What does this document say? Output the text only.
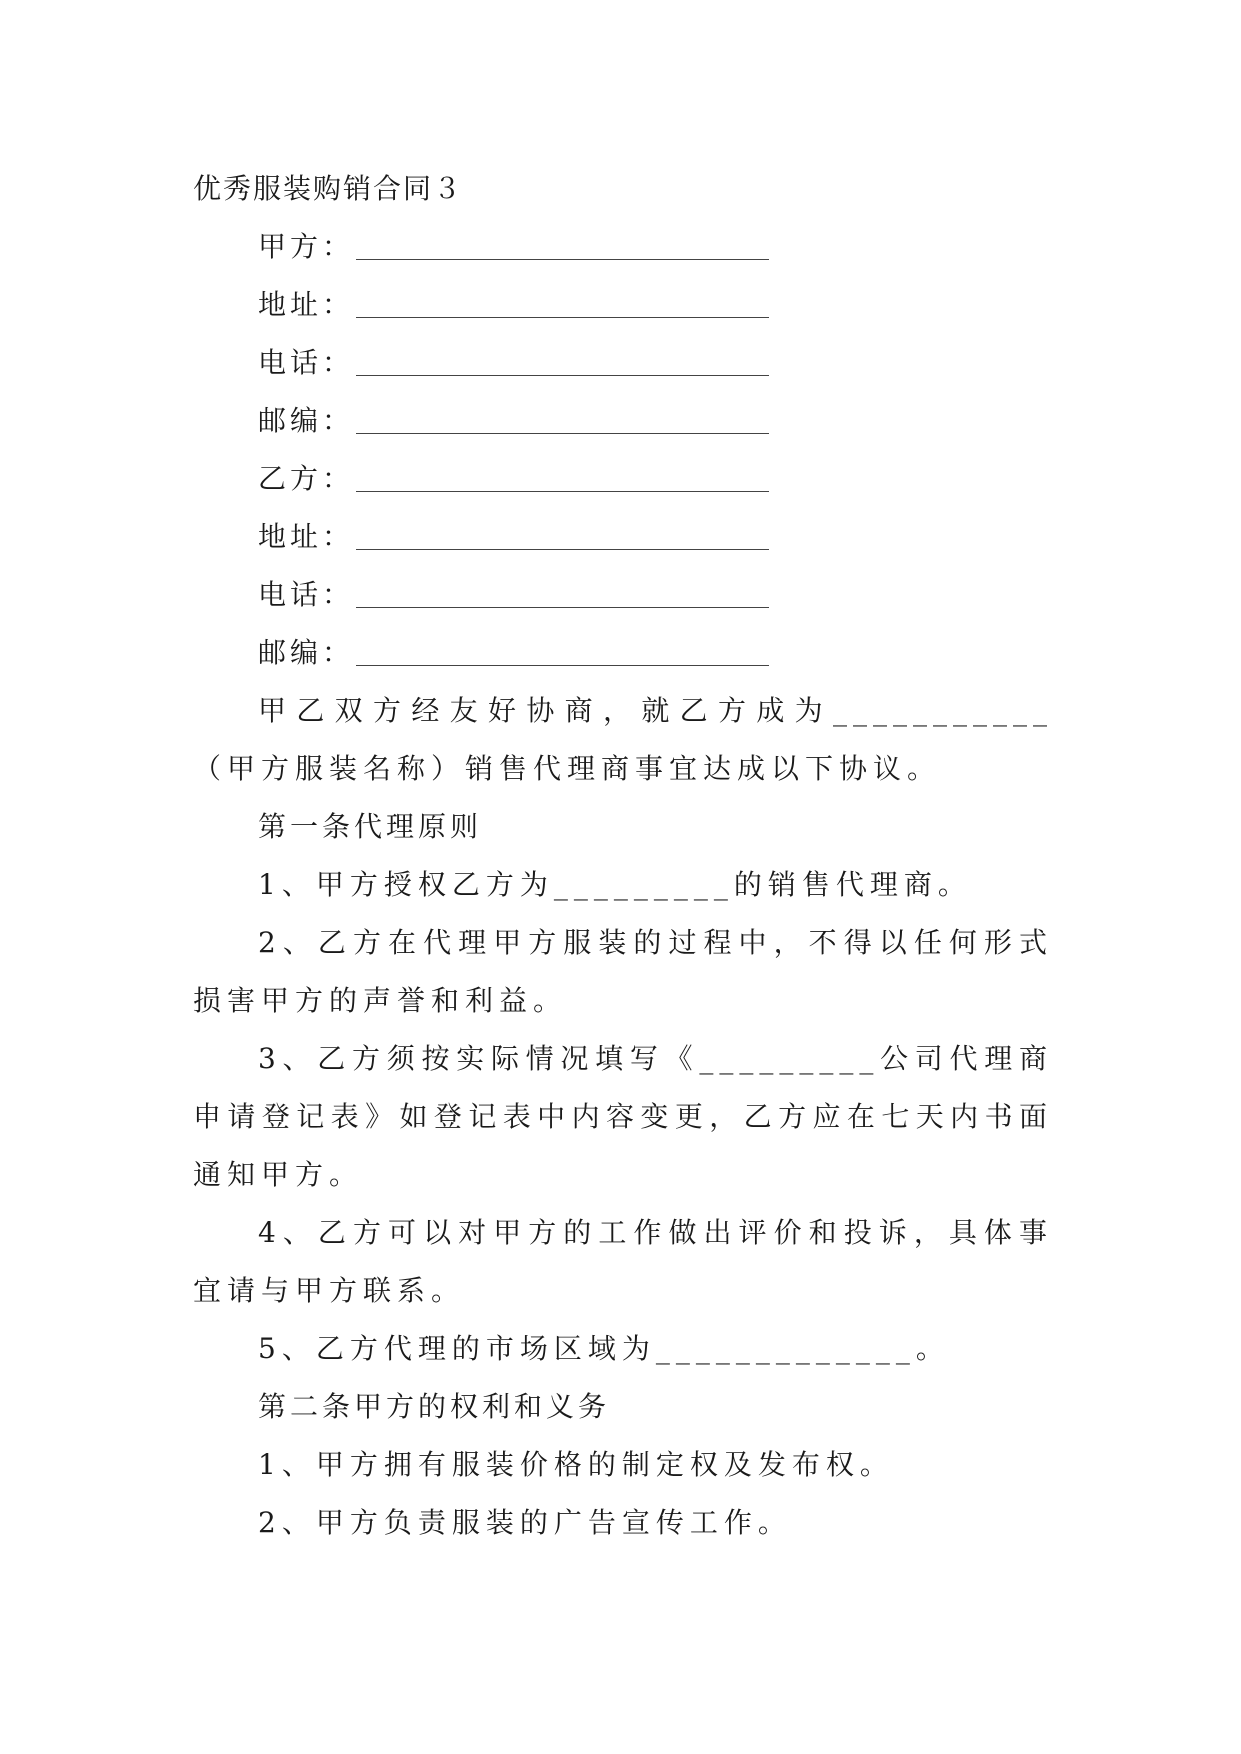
优秀服装购销合同３
甲方：
地址：
电话：
邮编：
乙方：
地址：
电话：
邮编：

甲乙双方经友好协商，就乙方成为___________（甲方服装名称）销售代理商事宜达成以下协议。

第一条代理原则

1、甲方授权乙方为_________的销售代理商。

2、乙方在代理甲方服装的过程中，不得以任何形式损害甲方的声誉和利益。

3、乙方须按实际情况填写《_________公司代理商申请登记表》如登记表中内容变更，乙方应在七天内书面通知甲方。

4、乙方可以对甲方的工作做出评价和投诉，具体事宜请与甲方联系。

5、乙方代理的市场区域为_____________。

第二条甲方的权利和义务

1、甲方拥有服装价格的制定权及发布权。

2、甲方负责服装的广告宣传工作。
